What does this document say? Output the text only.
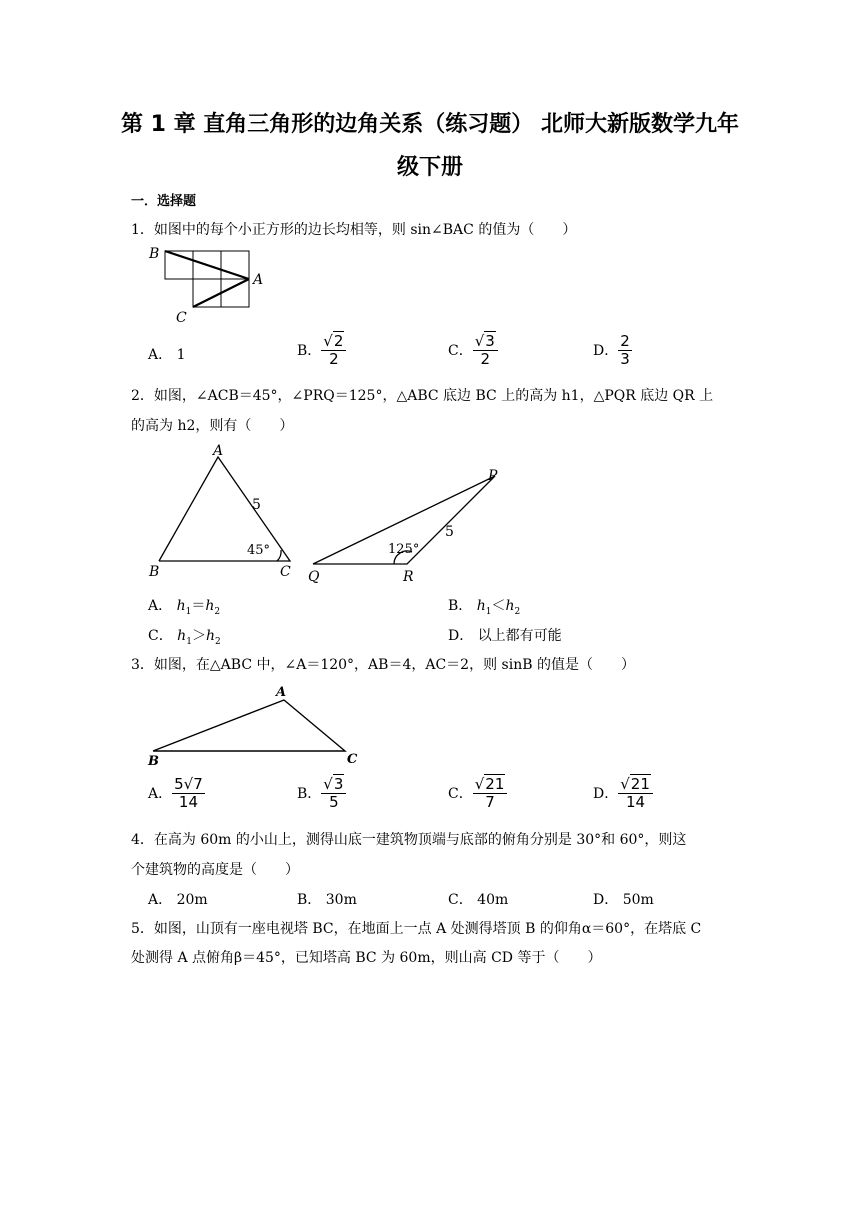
第 1 章 直角三角形的边角关系（练习题） 北师大新版数学九年
级下册
一．选择题
1．如图中的每个小正方形的边长均相等，则 sin∠BAC 的值为（　　）
B
A
C
A． 1	B． $\frac{√2}{2}$	C． $\frac{√3}{2}$	D． $\frac{2}{3}$
2．如图，∠ACB＝45°，∠PRQ＝125°，△ABC 底边 BC 上的高为 h1，△PQR 底边 QR 上
的高为 h2，则有（　　）
A
B	C
5
45°
P
Q	R
5
125°
A． $h_1=h_2$	B． $h_1<h_2$
C． $h_1>h_2$	D． 以上都有可能
3．如图，在△ABC 中，∠A＝120°，AB＝4，AC＝2，则 sinB 的值是（　　）
A
B	C
A． $\frac{5√7}{14}$	B． $\frac{√3}{5}$	C． $\frac{√21}{7}$	D． $\frac{√21}{14}$
4．在高为 60m 的小山上，测得山底一建筑物顶端与底部的俯角分别是 30°和 60°，则这
个建筑物的高度是（　　）
A． 20m	B． 30m	C． 40m	D． 50m
5．如图，山顶有一座电视塔 BC，在地面上一点 A 处测得塔顶 B 的仰角α＝60°，在塔底 C
处测得 A 点俯角β＝45°，已知塔高 BC 为 60m，则山高 CD 等于（　　）
